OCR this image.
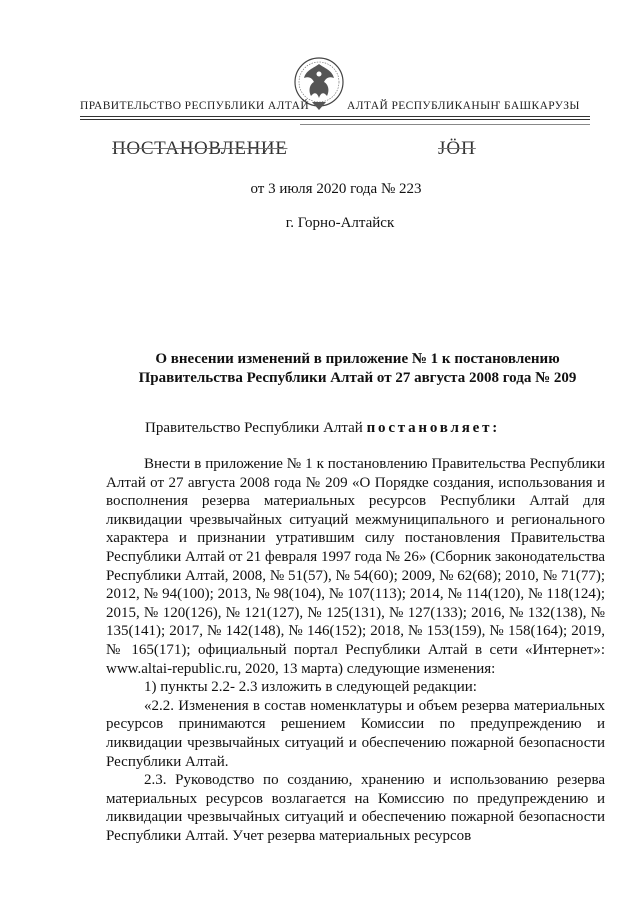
ПРАВИТЕЛЬСТВО РЕСПУБЛИКИ АЛТАЙ	АЛТАЙ РЕСПУБЛИКАНЫҤ БАШКАРУЗЫ
ПОСТАНОВЛЕНИЕ	ЈÖП
от 3 июля 2020 года № 223
г. Горно-Алтайск
О внесении изменений в приложение № 1 к постановлению
Правительства Республики Алтай от 27 августа 2008 года № 209
Правительство Республики Алтай постановляет:

Внести в приложение № 1 к постановлению Правительства Республики Алтай от 27 августа 2008 года № 209 «О Порядке создания, использования и восполнения резерва материальных ресурсов Республики Алтай для ликвидации чрезвычайных ситуаций межмуниципального и регионального характера и признании утратившим силу постановления Правительства Республики Алтай от 21 февраля 1997 года № 26» (Сборник законодательства Республики Алтай, 2008, № 51(57), № 54(60); 2009, № 62(68); 2010, № 71(77); 2012, № 94(100); 2013, № 98(104), № 107(113); 2014, № 114(120), № 118(124); 2015, № 120(126), № 121(127), № 125(131), № 127(133); 2016, № 132(138), № 135(141); 2017, № 142(148), № 146(152); 2018, № 153(159), № 158(164); 2019, № 165(171); официальный портал Республики Алтай в сети «Интернет»: www.altai-republic.ru, 2020, 13 марта) следующие изменения:

1) пункты 2.2- 2.3 изложить в следующей редакции:

«2.2. Изменения в состав номенклатуры и объем резерва материальных ресурсов принимаются решением Комиссии по предупреждению и ликвидации чрезвычайных ситуаций и обеспечению пожарной безопасности Республики Алтай.

2.3. Руководство по созданию, хранению и использованию резерва материальных ресурсов возлагается на Комиссию по предупреждению и ликвидации чрезвычайных ситуаций и обеспечению пожарной безопасности Республики Алтай. Учет резерва материальных ресурсов
